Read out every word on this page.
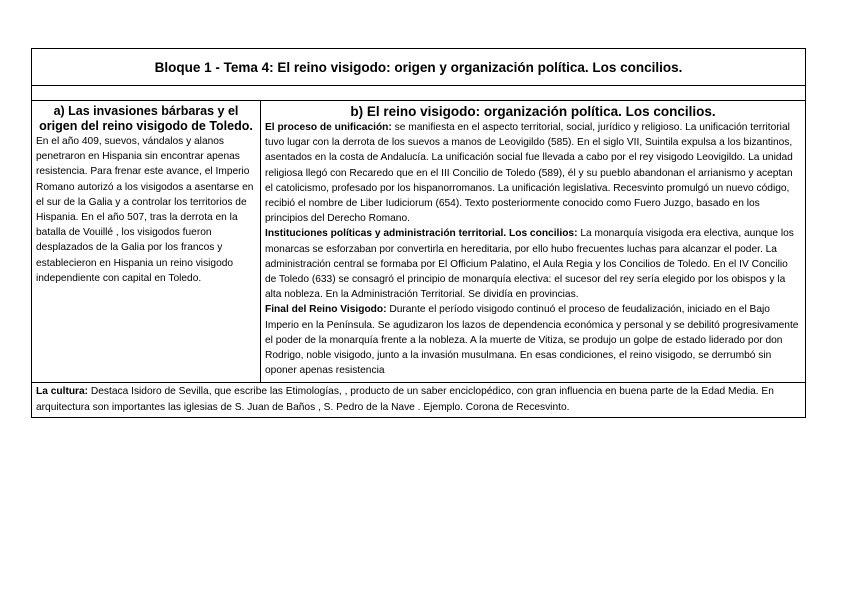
Bloque 1 - Tema 4: El reino visigodo: origen y organización política. Los concilios.
a) Las invasiones bárbaras y el origen del reino visigodo de Toledo.

En el año 409, suevos, vándalos y alanos penetraron en Hispania sin encontrar apenas resistencia. Para frenar este avance, el Imperio Romano autorizó a los visigodos a asentarse en el sur de la Galia y a controlar los territorios de Hispania. En el año 507, tras la derrota en la batalla de Vouillé , los visigodos fueron desplazados de la Galia por los francos y establecieron en Hispania un reino visigodo independiente con capital en Toledo.

b) El reino visigodo: organización política. Los concilios.

El proceso de unificación: se manifiesta en el aspecto territorial, social, jurídico y religioso. La unificación territorial tuvo lugar con la derrota de los suevos a manos de Leovigildo (585). En el siglo VII, Suintila expulsa a los bizantinos, asentados en la costa de Andalucía. La unificación social fue llevada a cabo por el rey visigodo Leovigildo. La unidad religiosa llegó con Recaredo que en el III Concilio de Toledo (589), él y su pueblo abandonan el arrianismo y aceptan el catolicismo, profesado por los hispanorromanos. La unificación legislativa. Recesvinto promulgó un nuevo código, recibió el nombre de Liber Iudiciorum (654). Texto posteriormente conocido como Fuero Juzgo, basado en los principios del Derecho Romano.

Instituciones políticas y administración territorial. Los concilios: La monarquía visigoda era electiva, aunque los monarcas se esforzaban por convertirla en hereditaria, por ello hubo frecuentes luchas para alcanzar el poder. La administración central se formaba por El Officium Palatino, el Aula Regia y los Concilios de Toledo. En el IV Concilio de Toledo (633) se consagró el principio de monarquía electiva: el sucesor del rey sería elegido por los obispos y la alta nobleza. En la Administración Territorial. Se dividía en provincias.

Final del Reino Visigodo: Durante el período visigodo continuó el proceso de feudalización, iniciado en el Bajo Imperio en la Península. Se agudizaron los lazos de dependencia económica y personal y se debilitó progresivamente el poder de la monarquía frente a la nobleza. A la muerte de Vitiza, se produjo un golpe de estado liderado por don Rodrigo, noble visigodo, junto a la invasión musulmana. En esas condiciones, el reino visigodo, se derrumbó sin oponer apenas resistencia

La cultura: Destaca Isidoro de Sevilla, que escribe las Etimologías, , producto de un saber enciclopédico, con gran influencia en buena parte de la Edad Media. En arquitectura son importantes las iglesias de S. Juan de Baños , S. Pedro de la Nave . Ejemplo. Corona de Recesvinto.
